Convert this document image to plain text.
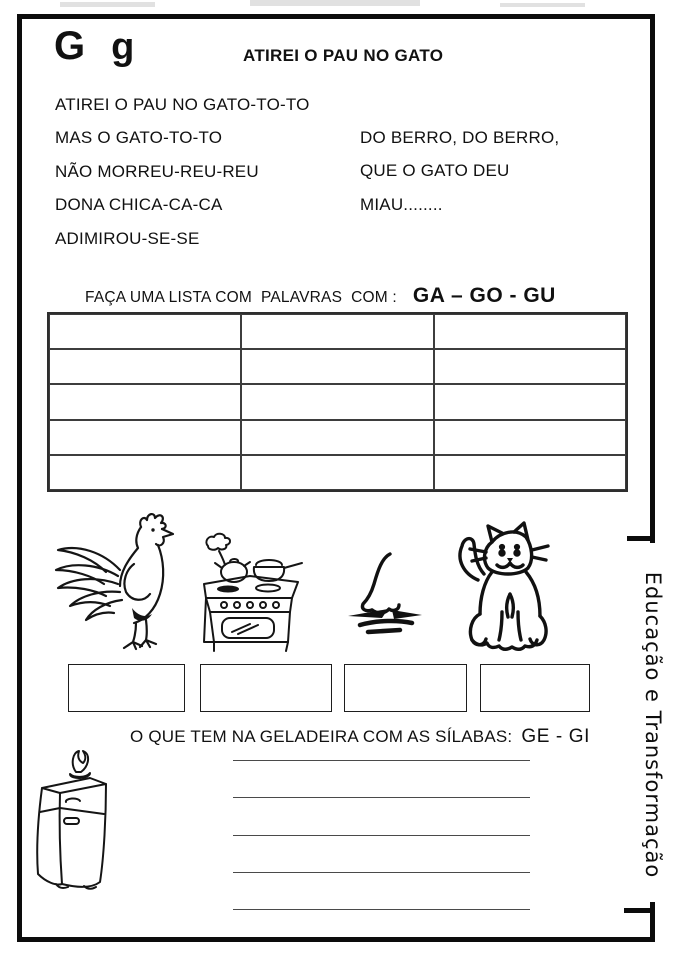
G g	ATIREI O PAU NO GATO
ATIREI O PAU NO GATO-TO-TO
MAS O GATO-TO-TO
NÃO MORREU-REU-REU
DONA CHICA-CA-CA
ADIMIROU-SE-SE
DO BERRO, DO BERRO,
QUE O GATO DEU
MIAU........
FAÇA UMA LISTA COM  PALAVRAS  COM : GA – GO - GU
O QUE TEM NA GELADEIRA COM AS SÍLABAS: GE - GI	Educação e Transformação
